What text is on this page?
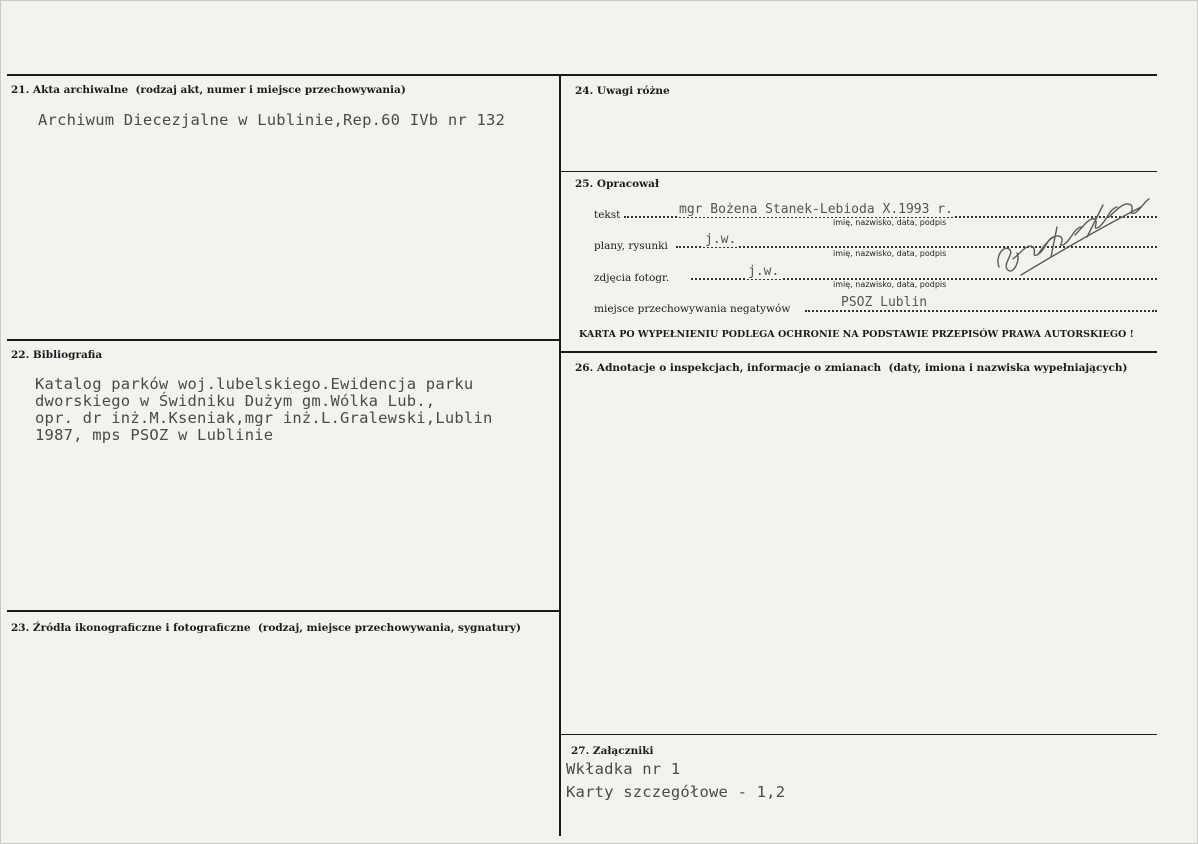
21. Akta archiwalne (rodzaj akt, numer i miejsce przechowywania)
Archiwum Diecezjalne w Lublinie,Rep.60 IVb nr 132
22. Bibliografia
Katalog parków woj.lubelskiego.Ewidencja parku
dworskiego w Świdniku Dużym gm.Wólka Lub.,
opr. dr inż.M.Kseniak,mgr inż.L.Gralewski,Lublin
1987, mps PSOZ w Lublinie
23. Źródła ikonograficzne i fotograficzne (rodzaj, miejsce przechowywania, sygnatury)
24. Uwagi różne
25. Opracował
tekst	mgr Bożena Stanek-Lebioda X.1993 r.
imię, nazwisko, data, podpis
plany, rysunki	j.w.
imię, nazwisko, data, podpis
zdjęcia fotogr.	j.w.
imię, nazwisko, data, podpis
miejsce przechowywania negatywów	PSOZ Lublin
KARTA PO WYPEŁNIENIU PODLEGA OCHRONIE NA PODSTAWIE PRZEPISÓW PRAWA AUTORSKIEGO !
26. Adnotacje o inspekcjach, informacje o zmianach (daty, imiona i nazwiska wypełniających)
27. Załączniki
Wkładka nr 1
Karty szczegółowe - 1,2
